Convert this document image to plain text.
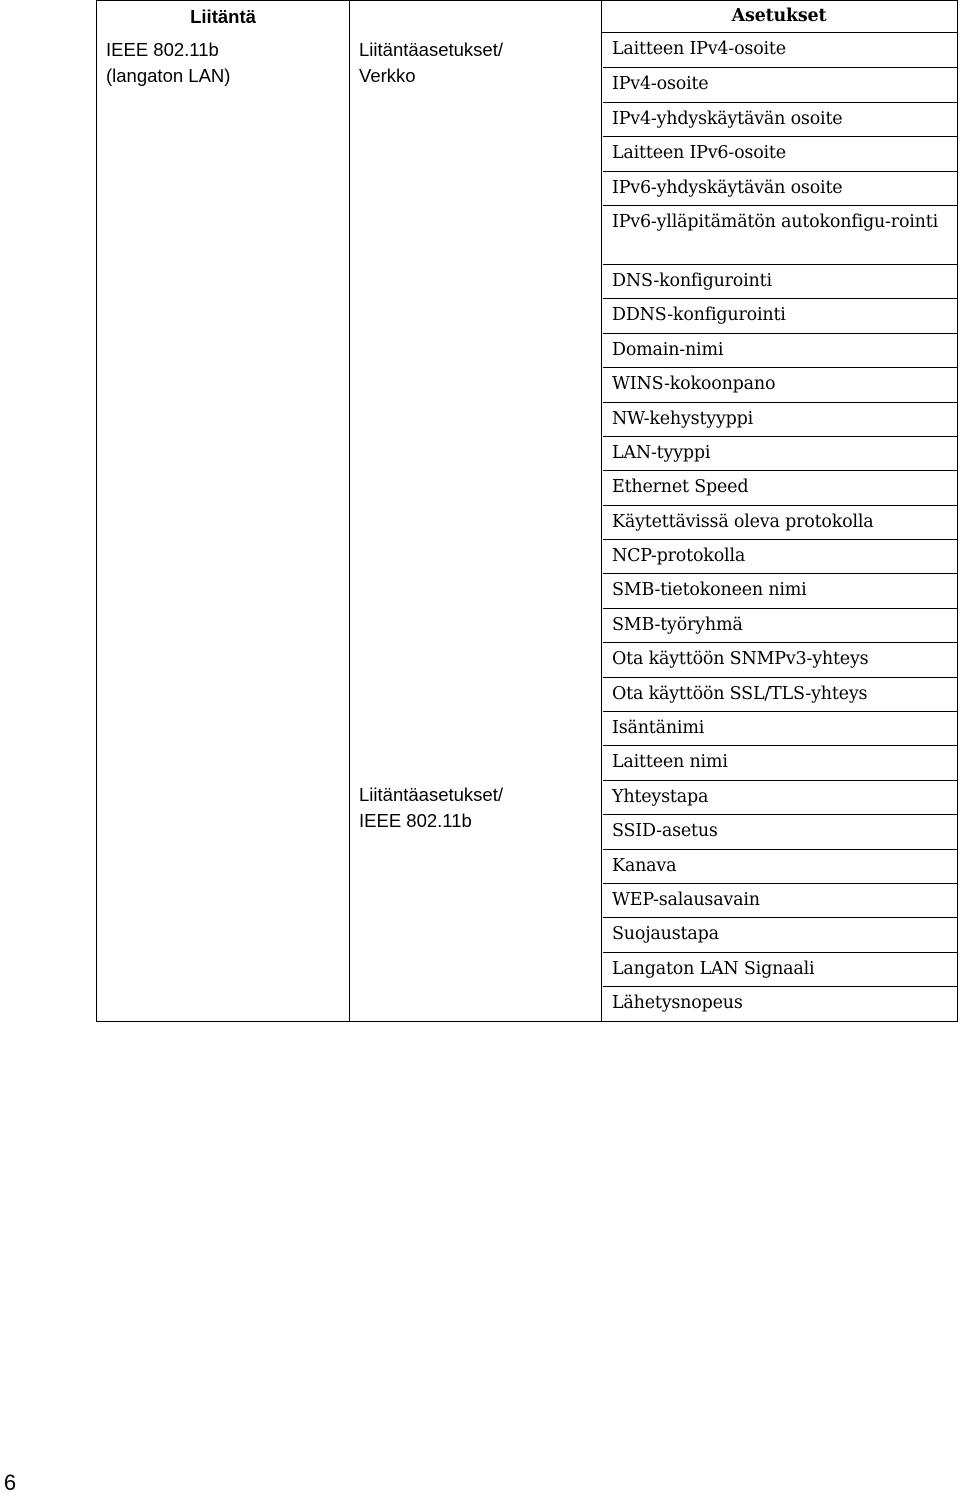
Liitäntä	Asetukset
IEEE 802.11b
(langaton LAN)
Liitäntäasetukset/
Verkko
Liitäntäasetukset/
IEEE 802.11b
Laitteen IPv4-osoite
IPv4-osoite
IPv4-yhdyskäytävän osoite
Laitteen IPv6-osoite
IPv6-yhdyskäytävän osoite
IPv6-ylläpitämätön autokonfigu-rointi
DNS-konfigurointi
DDNS-konfigurointi
Domain-nimi
WINS-kokoonpano
NW-kehystyyppi
LAN-tyyppi
Ethernet Speed
Käytettävissä oleva protokolla
NCP-protokolla
SMB-tietokoneen nimi
SMB-työryhmä
Ota käyttöön SNMPv3-yhteys
Ota käyttöön SSL/TLS-yhteys
Isäntänimi
Laitteen nimi
Yhteystapa
SSID-asetus
Kanava
WEP-salausavain
Suojaustapa
Langaton LAN Signaali
Lähetysnopeus
6
